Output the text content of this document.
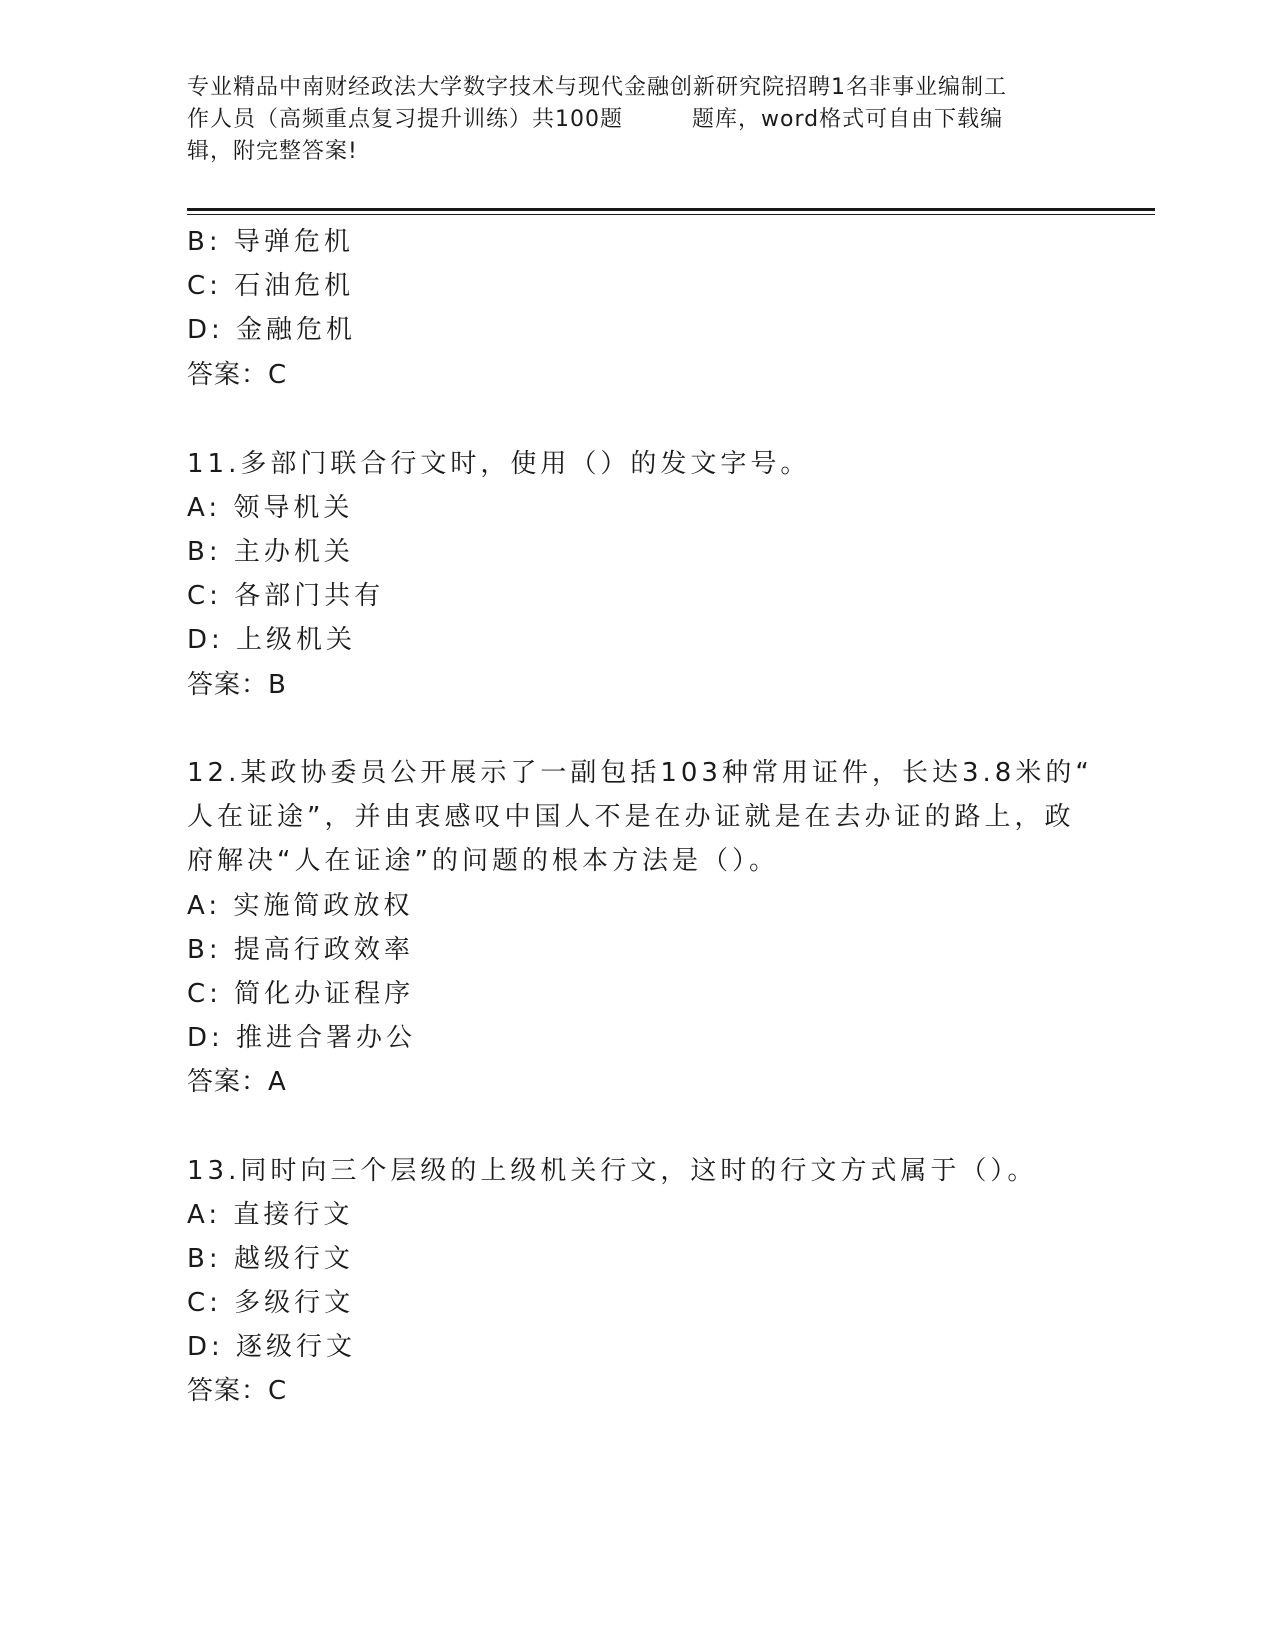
专业精品中南财经政法大学数字技术与现代金融创新研究院招聘1名非事业编制工
作人员（高频重点复习提升训练）共100题　　　题库，word格式可自由下载编
辑，附完整答案!
B: 导弹危机
C: 石油危机
D: 金融危机
答案：C
11.多部门联合行文时，使用（）的发文字号。
A: 领导机关
B: 主办机关
C: 各部门共有
D: 上级机关
答案：B
12.某政协委员公开展示了一副包括103种常用证件，长达3.8米的“
人在证途”，并由衷感叹中国人不是在办证就是在去办证的路上，政
府解决“人在证途”的问题的根本方法是（）。
A: 实施简政放权
B: 提高行政效率
C: 简化办证程序
D: 推进合署办公
答案：A
13.同时向三个层级的上级机关行文，这时的行文方式属于（）。
A: 直接行文
B: 越级行文
C: 多级行文
D: 逐级行文
答案：C
